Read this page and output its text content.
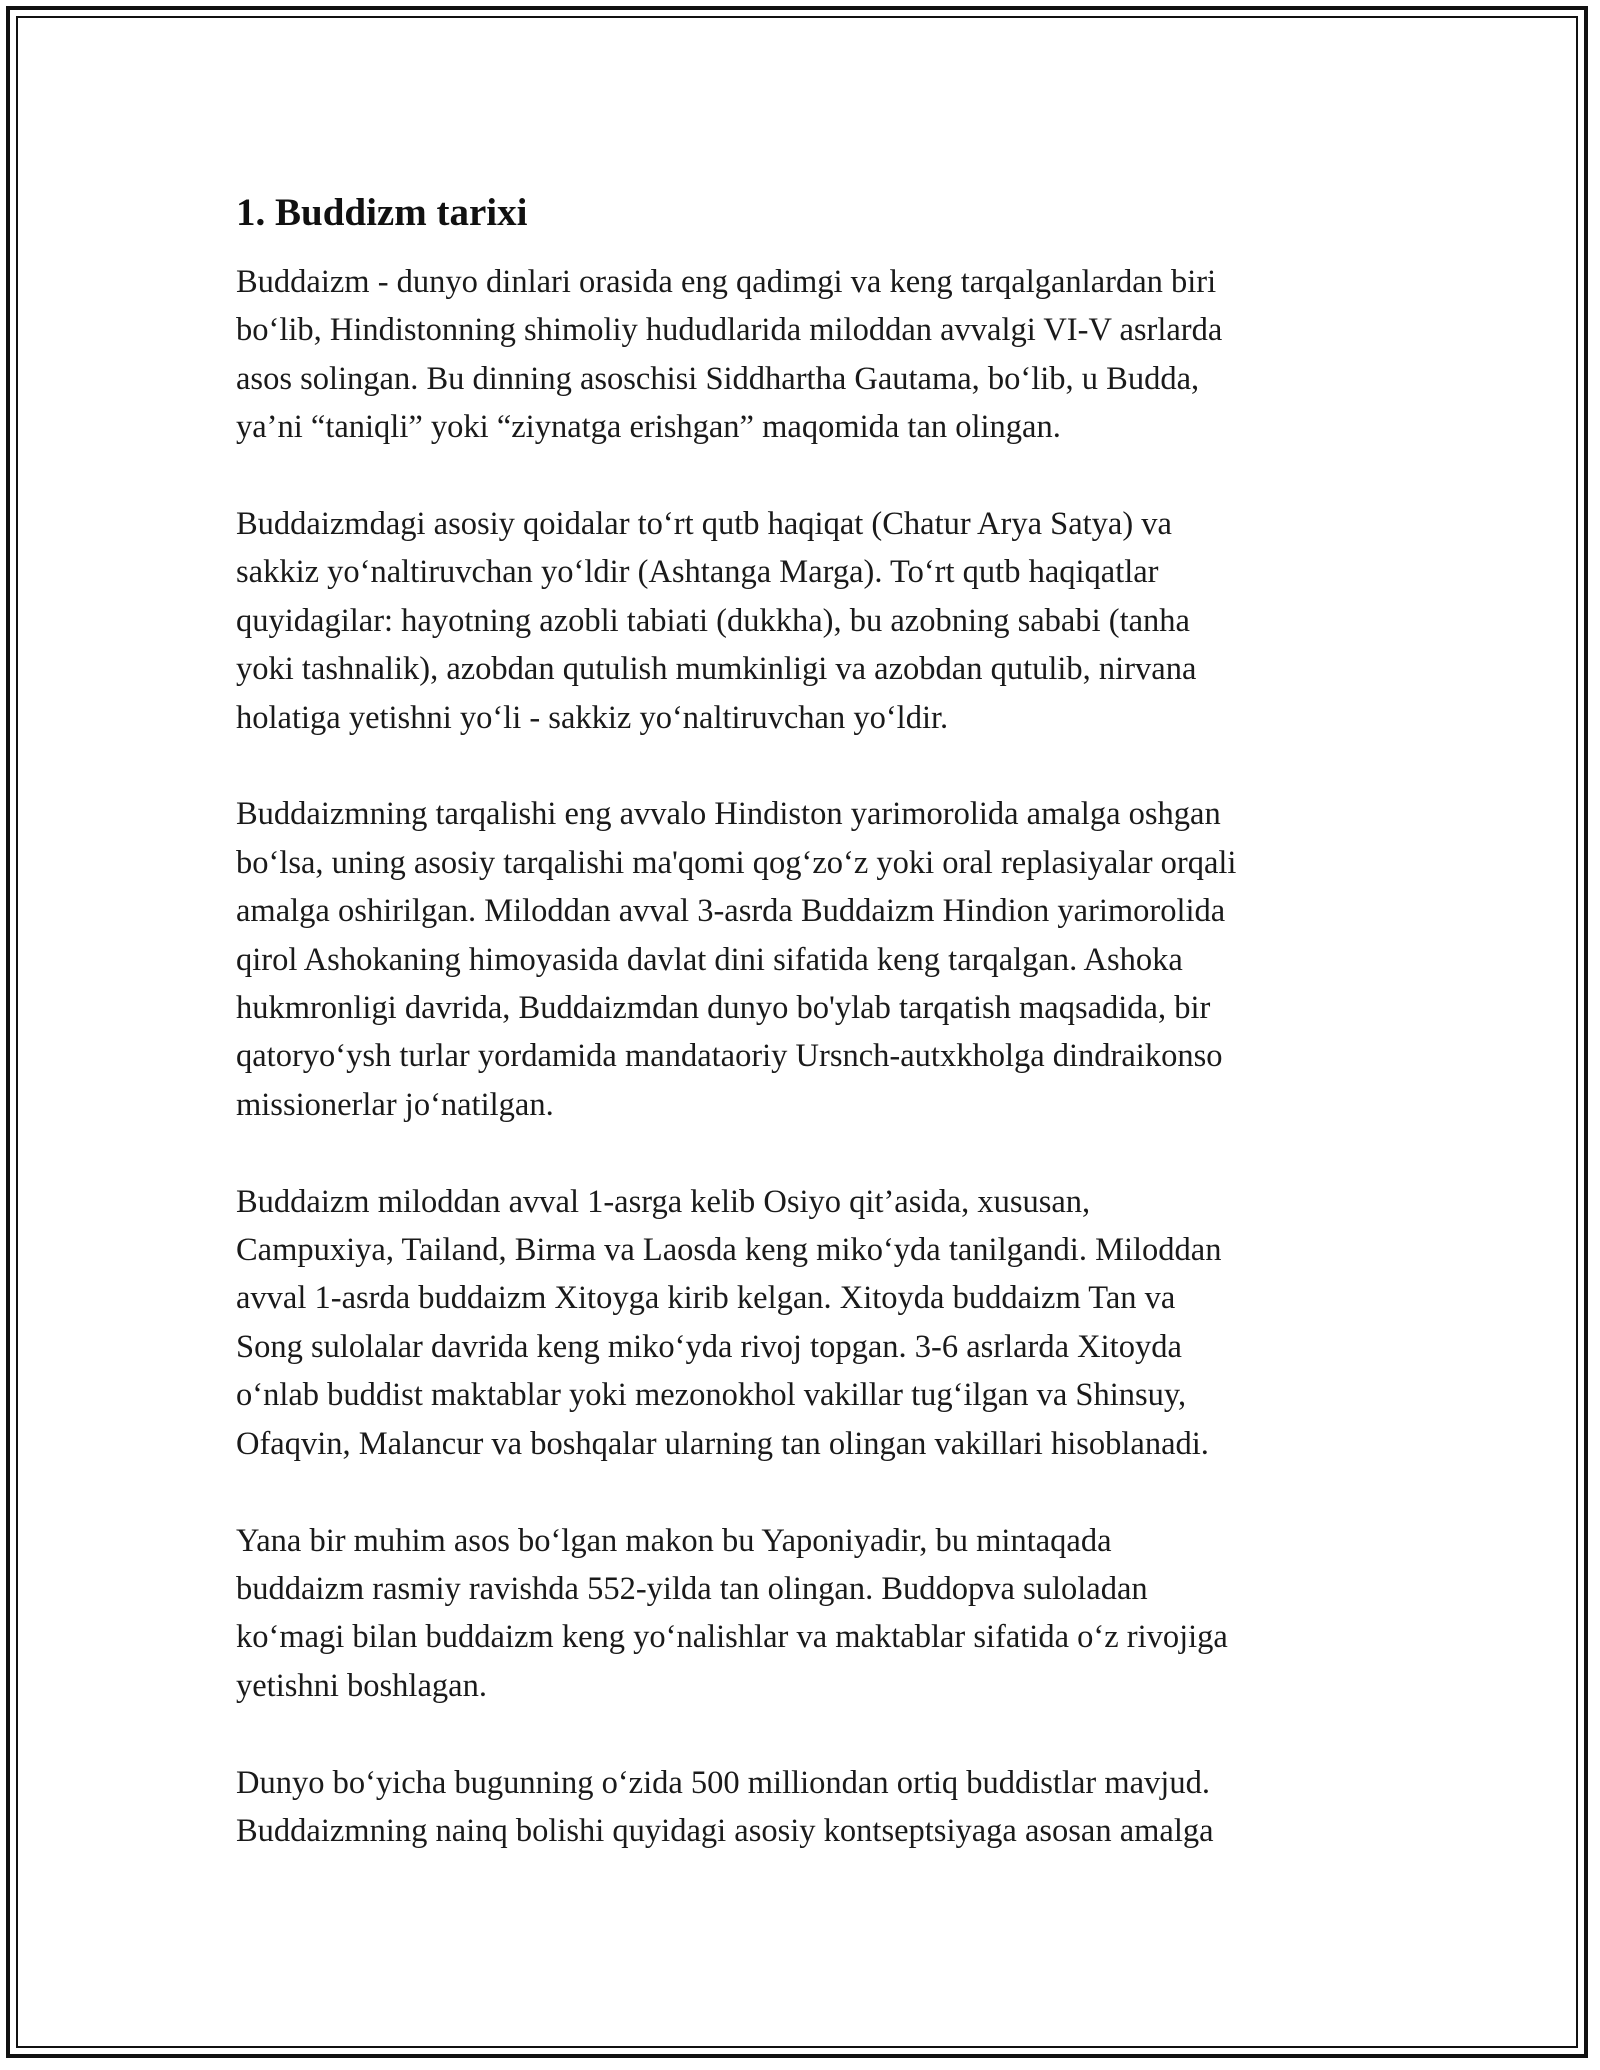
1. Buddizm tarixi

Buddaizm - dunyo dinlari orasida eng qadimgi va keng tarqalganlardan biri
bo‘lib, Hindistonning shimoliy hududlarida miloddan avvalgi VI-V asrlarda
asos solingan. Bu dinning asoschisi Siddhartha Gautama, bo‘lib, u Budda,
ya’ni “taniqli” yoki “ziynatga erishgan” maqomida tan olingan.

Buddaizmdagi asosiy qoidalar to‘rt qutb haqiqat (Chatur Arya Satya) va
sakkiz yo‘naltiruvchan yo‘ldir (Ashtanga Marga). To‘rt qutb haqiqatlar
quyidagilar: hayotning azobli tabiati (dukkha), bu azobning sababi (tanha
yoki tashnalik), azobdan qutulish mumkinligi va azobdan qutulib, nirvana
holatiga yetishni yo‘li - sakkiz yo‘naltiruvchan yo‘ldir.

Buddaizmning tarqalishi eng avvalo Hindiston yarimorolida amalga oshgan
bo‘lsa, uning asosiy tarqalishi ma'qomi qog‘zo‘z yoki oral replasiyalar orqali
amalga oshirilgan. Miloddan avval 3-asrda Buddaizm Hindion yarimorolida
qirol Ashokaning himoyasida davlat dini sifatida keng tarqalgan. Ashoka
hukmronligi davrida, Buddaizmdan dunyo bo'ylab tarqatish maqsadida, bir
qatoryo‘ysh turlar yordamida mandataoriy Ursnch-autxkholga dindraikonso
missionerlar jo‘natilgan.

Buddaizm miloddan avval 1-asrga kelib Osiyo qit’asida, xususan,
Campuxiya, Tailand, Birma va Laosda keng miko‘yda tanilgandi. Miloddan
avval 1-asrda buddaizm Xitoyga kirib kelgan. Xitoyda buddaizm Tan va
Song sulolalar davrida keng miko‘yda rivoj topgan. 3-6 asrlarda Xitoyda
o‘nlab buddist maktablar yoki mezonokhol vakillar tug‘ilgan va Shinsuy,
Ofaqvin, Malancur va boshqalar ularning tan olingan vakillari hisoblanadi.

Yana bir muhim asos bo‘lgan makon bu Yaponiyadir, bu mintaqada
buddaizm rasmiy ravishda 552-yilda tan olingan. Buddopva suloladan
ko‘magi bilan buddaizm keng yo‘nalishlar va maktablar sifatida o‘z rivojiga
yetishni boshlagan.

Dunyo bo‘yicha bugunning o‘zida 500 milliondan ortiq buddistlar mavjud.
Buddaizmning nainq bolishi quyidagi asosiy kontseptsiyaga asosan amalga
